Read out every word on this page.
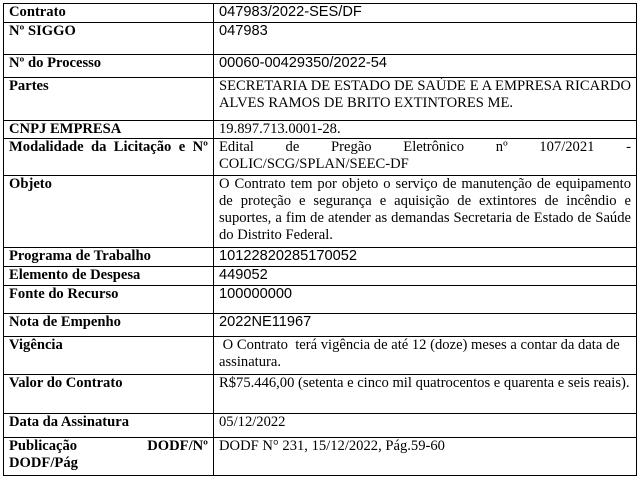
Contrato	047983/2022-SES/DF
Nº SIGGO	047983
Nº do Processo	00060-00429350/2022-54
Partes	SECRETARIA DE ESTADO DE SAÚDE E A EMPRESA RICARDO ALVES RAMOS DE BRITO EXTINTORES ME.
CNPJ EMPRESA	19.897.713.0001-28.
Modalidade da Licitação e Nº	Edital de Pregão Eletrônico nº 107/2021 - COLIC/SCG/SPLAN/SEEC-DF
Objeto	O Contrato tem por objeto o serviço de manutenção de equipamento de proteção e segurança e aquisição de extintores de incêndio e suportes, a fim de atender as demandas Secretaria de Estado de Saúde do Distrito Federal.
Programa de Trabalho	10122820285170052
Elemento de Despesa	449052
Fonte do Recurso	100000000
Nota de Empenho	2022NE11967
Vigência	O Contrato  terá vigência de até 12 (doze) meses a contar da data de assinatura.
Valor do Contrato	R$75.446,00 (setenta e cinco mil quatrocentos e quarenta e seis reais).
Data da Assinatura	05/12/2022

Publicação DODF/Nº DODF/Pág	DODF N° 231, 15/12/2022, Pág.59-60
